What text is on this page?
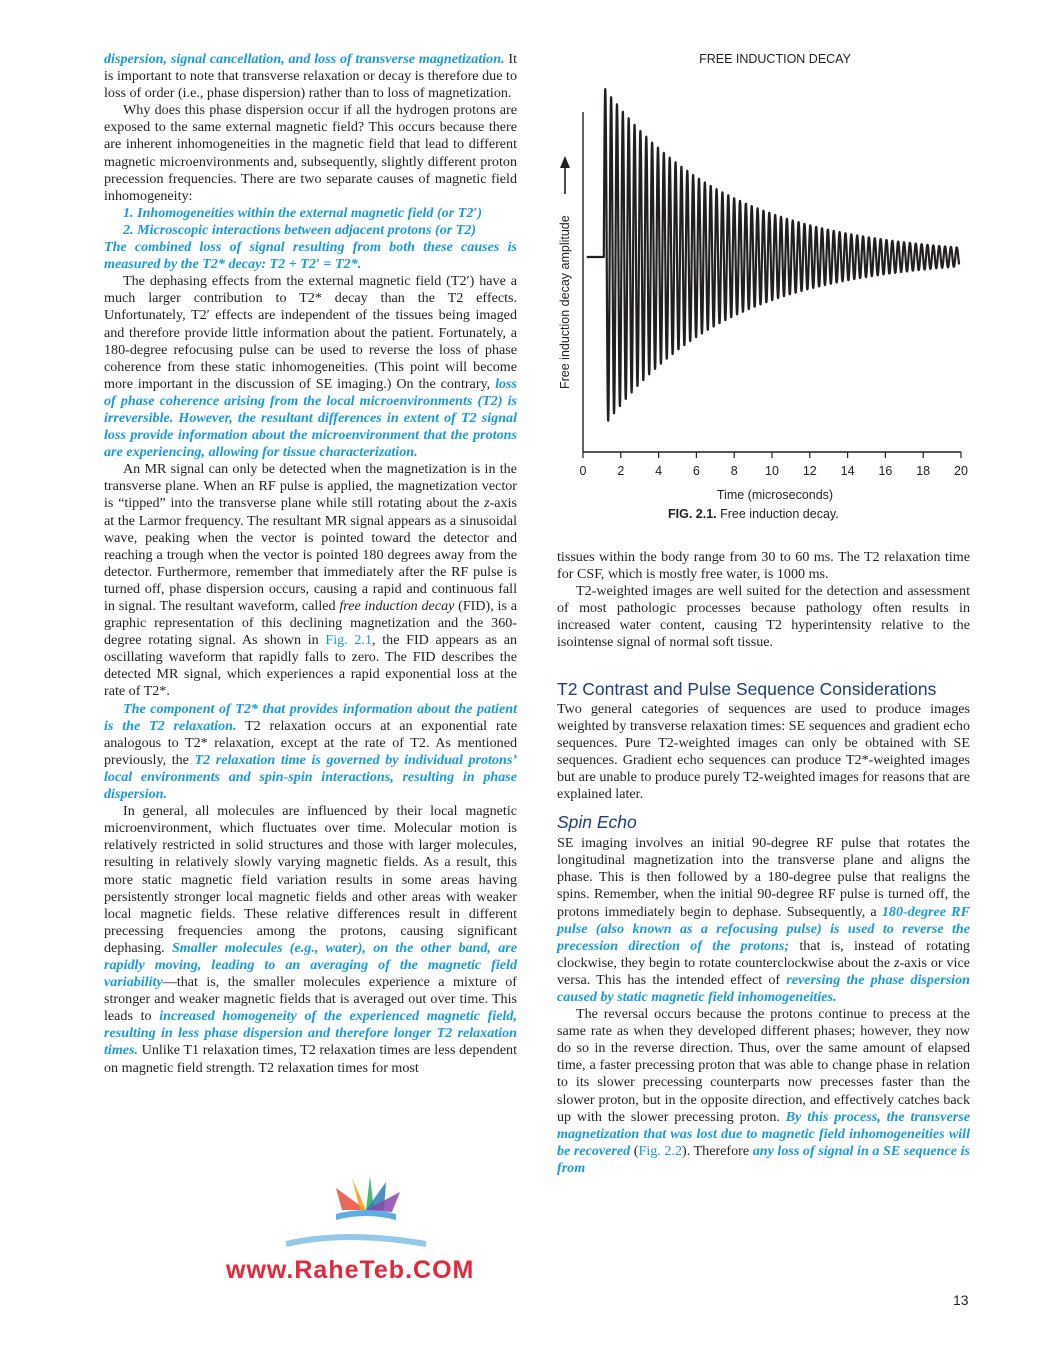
dispersion, signal cancellation, and loss of transverse magnetization. It is important to note that transverse relaxation or decay is therefore due to loss of order (i.e., phase dispersion) rather than to loss of magnetization.

Why does this phase dispersion occur if all the hydrogen protons are exposed to the same external magnetic field? This occurs because there are inherent inhomogeneities in the magnetic field that lead to different magnetic microenvironments and, subsequently, slightly different proton precession frequencies. There are two separate causes of magnetic field inhomogeneity:

1. Inhomogeneities within the external magnetic field (or T2′)
2. Microscopic interactions between adjacent protons (or T2)

The combined loss of signal resulting from both these causes is measured by the T2* decay: T2 + T2′ = T2*.

The dephasing effects from the external magnetic field (T2′) have a much larger contribution to T2* decay than the T2 effects. Unfortunately, T2′ effects are independent of the tissues being imaged and therefore provide little information about the patient. Fortunately, a 180-degree refocusing pulse can be used to reverse the loss of phase coherence from these static inhomogeneities. (This point will become more important in the discussion of SE imaging.) On the contrary, loss of phase coherence arising from the local microenvironments (T2) is irreversible. However, the resultant differences in extent of T2 signal loss provide information about the microenvironment that the protons are experiencing, allowing for tissue characterization.

An MR signal can only be detected when the magnetization is in the transverse plane. When an RF pulse is applied, the magnetization vector is “tipped” into the transverse plane while still rotating about the z-axis at the Larmor frequency. The resultant MR signal appears as a sinusoidal wave, peaking when the vector is pointed toward the detector and reaching a trough when the vector is pointed 180 degrees away from the detector. Furthermore, remember that immediately after the RF pulse is turned off, phase dispersion occurs, causing a rapid and continuous fall in signal. The resultant waveform, called free induction decay (FID), is a graphic representation of this declining magnetization and the 360-degree rotating signal. As shown in Fig. 2.1, the FID appears as an oscillating waveform that rapidly falls to zero. The FID describes the detected MR signal, which experiences a rapid exponential loss at the rate of T2*.

The component of T2* that provides information about the patient is the T2 relaxation. T2 relaxation occurs at an exponential rate analogous to T2* relaxation, except at the rate of T2. As mentioned previously, the T2 relaxation time is governed by individual protons’ local environments and spin-spin interactions, resulting in phase dispersion.

In general, all molecules are influenced by their local magnetic microenvironment, which fluctuates over time. Molecular motion is relatively restricted in solid structures and those with larger molecules, resulting in relatively slowly varying magnetic fields. As a result, this more static magnetic field variation results in some areas having persistently stronger local magnetic fields and other areas with weaker local magnetic fields. These relative differences result in different precessing frequencies among the protons, causing significant dephasing. Smaller molecules (e.g., water), on the other band, are rapidly moving, leading to an averaging of the magnetic field variability—that is, the smaller molecules experience a mixture of stronger and weaker magnetic fields that is averaged out over time. This leads to increased homogeneity of the experienced magnetic field, resulting in less phase dispersion and therefore longer T2 relaxation times. Unlike T1 relaxation times, T2 relaxation times are less dependent on magnetic field strength. T2 relaxation times for most

FREE INDUCTION DECAY
Free induction decay amplitude
0 2 4 6 8 10 12 14 16 18 20
Time (microseconds)
FIG. 2.1. Free induction decay.

tissues within the body range from 30 to 60 ms. The T2 relaxation time for CSF, which is mostly free water, is 1000 ms.

T2-weighted images are well suited for the detection and assessment of most pathologic processes because pathology often results in increased water content, causing T2 hyperintensity relative to the isointense signal of normal soft tissue.

T2 Contrast and Pulse Sequence Considerations

Two general categories of sequences are used to produce images weighted by transverse relaxation times: SE sequences and gradient echo sequences. Pure T2-weighted images can only be obtained with SE sequences. Gradient echo sequences can produce T2*-weighted images but are unable to produce purely T2-weighted images for reasons that are explained later.

Spin Echo

SE imaging involves an initial 90-degree RF pulse that rotates the longitudinal magnetization into the transverse plane and aligns the phase. This is then followed by a 180-degree pulse that realigns the spins. Remember, when the initial 90-degree RF pulse is turned off, the protons immediately begin to dephase. Subsequently, a 180-degree RF pulse (also known as a refocusing pulse) is used to reverse the precession direction of the protons; that is, instead of rotating clockwise, they begin to rotate counterclockwise about the z-axis or vice versa. This has the intended effect of reversing the phase dispersion caused by static magnetic field inhomogeneities.

The reversal occurs because the protons continue to precess at the same rate as when they developed different phases; however, they now do so in the reverse direction. Thus, over the same amount of elapsed time, a faster precessing proton that was able to change phase in relation to its slower precessing counterparts now precesses faster than the slower proton, but in the opposite direction, and effectively catches back up with the slower precessing proton. By this process, the transverse magnetization that was lost due to magnetic field inhomogeneities will be recovered (Fig. 2.2). Therefore any loss of signal in a SE sequence is from

13
www.RaheTeb.COM
